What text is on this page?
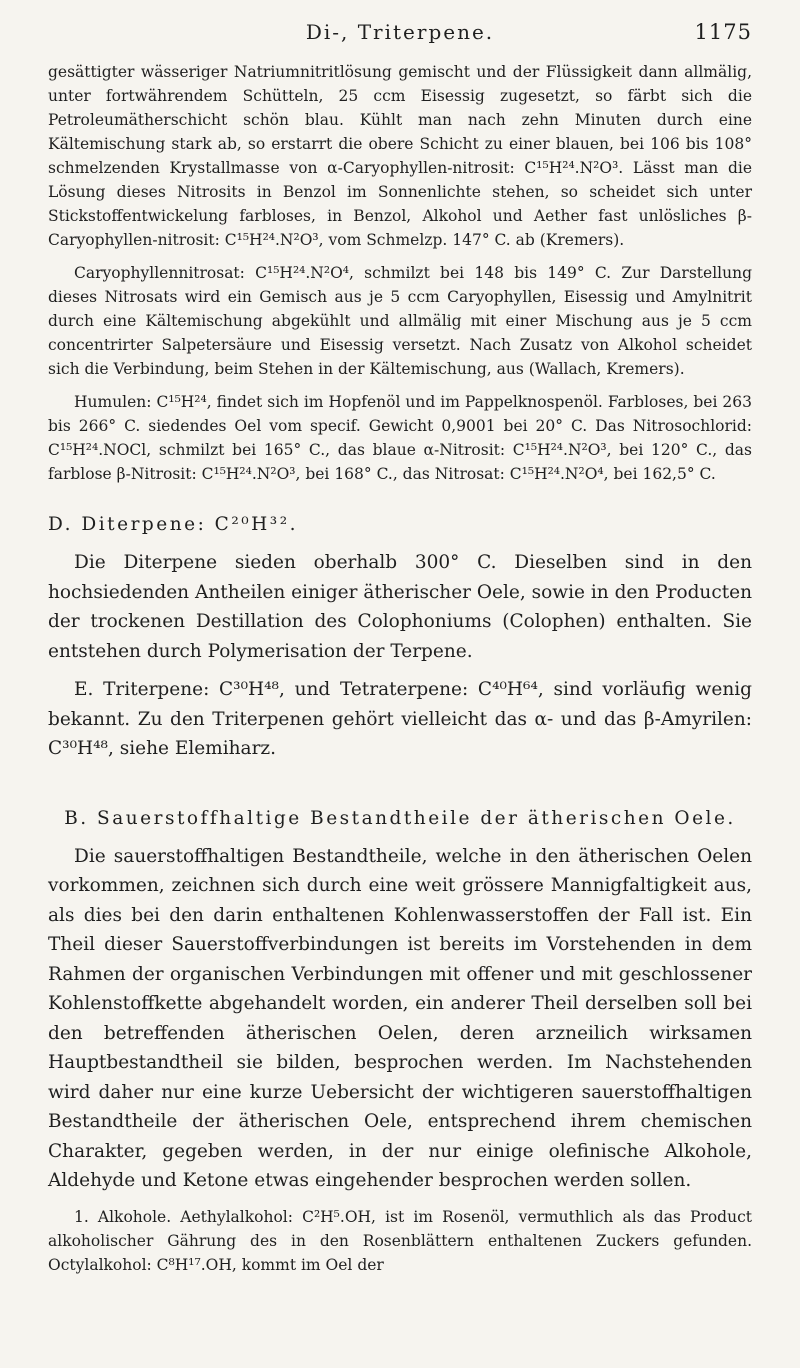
Di-, Triterpene.	1175

gesättigter wässeriger Natriumnitritlösung gemischt und der Flüssigkeit dann allmälig, unter fortwährendem Schütteln, 25 ccm Eisessig zugesetzt, so färbt sich die Petroleumätherschicht schön blau. Kühlt man nach zehn Minuten durch eine Kältemischung stark ab, so erstarrt die obere Schicht zu einer blauen, bei 106 bis 108° schmelzenden Krystallmasse von α-Caryophyllen-nitrosit: C¹⁵H²⁴.N²O³. Lässt man die Lösung dieses Nitrosits in Benzol im Sonnenlichte stehen, so scheidet sich unter Stickstoffentwickelung farbloses, in Benzol, Alkohol und Aether fast unlösliches β-Caryophyllen-nitrosit: C¹⁵H²⁴.N²O³, vom Schmelzp. 147° C. ab (Kremers).

Caryophyllennitrosat: C¹⁵H²⁴.N²O⁴, schmilzt bei 148 bis 149° C. Zur Darstellung dieses Nitrosats wird ein Gemisch aus je 5 ccm Caryophyllen, Eisessig und Amylnitrit durch eine Kältemischung abgekühlt und allmälig mit einer Mischung aus je 5 ccm concentrirter Salpetersäure und Eisessig versetzt. Nach Zusatz von Alkohol scheidet sich die Verbindung, beim Stehen in der Kältemischung, aus (Wallach, Kremers).

Humulen: C¹⁵H²⁴, findet sich im Hopfenöl und im Pappelknospenöl. Farbloses, bei 263 bis 266° C. siedendes Oel vom specif. Gewicht 0,9001 bei 20° C. Das Nitrosochlorid: C¹⁵H²⁴.NOCl, schmilzt bei 165° C., das blaue α-Nitrosit: C¹⁵H²⁴.N²O³, bei 120° C., das farblose β-Nitrosit: C¹⁵H²⁴.N²O³, bei 168° C., das Nitrosat: C¹⁵H²⁴.N²O⁴, bei 162,5° C.

D. Diterpene: C²⁰H³².

Die Diterpene sieden oberhalb 300° C. Dieselben sind in den hochsiedenden Antheilen einiger ätherischer Oele, sowie in den Producten der trockenen Destillation des Colophoniums (Colophen) enthalten. Sie entstehen durch Polymerisation der Terpene.

E. Triterpene: C³⁰H⁴⁸, und Tetraterpene: C⁴⁰H⁶⁴, sind vorläufig wenig bekannt. Zu den Triterpenen gehört vielleicht das α- und das β-Amyrilen: C³⁰H⁴⁸, siehe Elemiharz.

B. Sauerstoffhaltige Bestandtheile der ätherischen Oele.

Die sauerstoffhaltigen Bestandtheile, welche in den ätherischen Oelen vorkommen, zeichnen sich durch eine weit grössere Mannigfaltigkeit aus, als dies bei den darin enthaltenen Kohlenwasserstoffen der Fall ist. Ein Theil dieser Sauerstoffverbindungen ist bereits im Vorstehenden in dem Rahmen der organischen Verbindungen mit offener und mit geschlossener Kohlenstoffkette abgehandelt worden, ein anderer Theil derselben soll bei den betreffenden ätherischen Oelen, deren arzneilich wirksamen Hauptbestandtheil sie bilden, besprochen werden. Im Nachstehenden wird daher nur eine kurze Uebersicht der wichtigeren sauerstoffhaltigen Bestandtheile der ätherischen Oele, entsprechend ihrem chemischen Charakter, gegeben werden, in der nur einige olefinische Alkohole, Aldehyde und Ketone etwas eingehender besprochen werden sollen.

1. Alkohole. Aethylalkohol: C²H⁵.OH, ist im Rosenöl, vermuthlich als das Product alkoholischer Gährung des in den Rosenblättern enthaltenen Zuckers gefunden. Octylalkohol: C⁸H¹⁷.OH, kommt im Oel der
